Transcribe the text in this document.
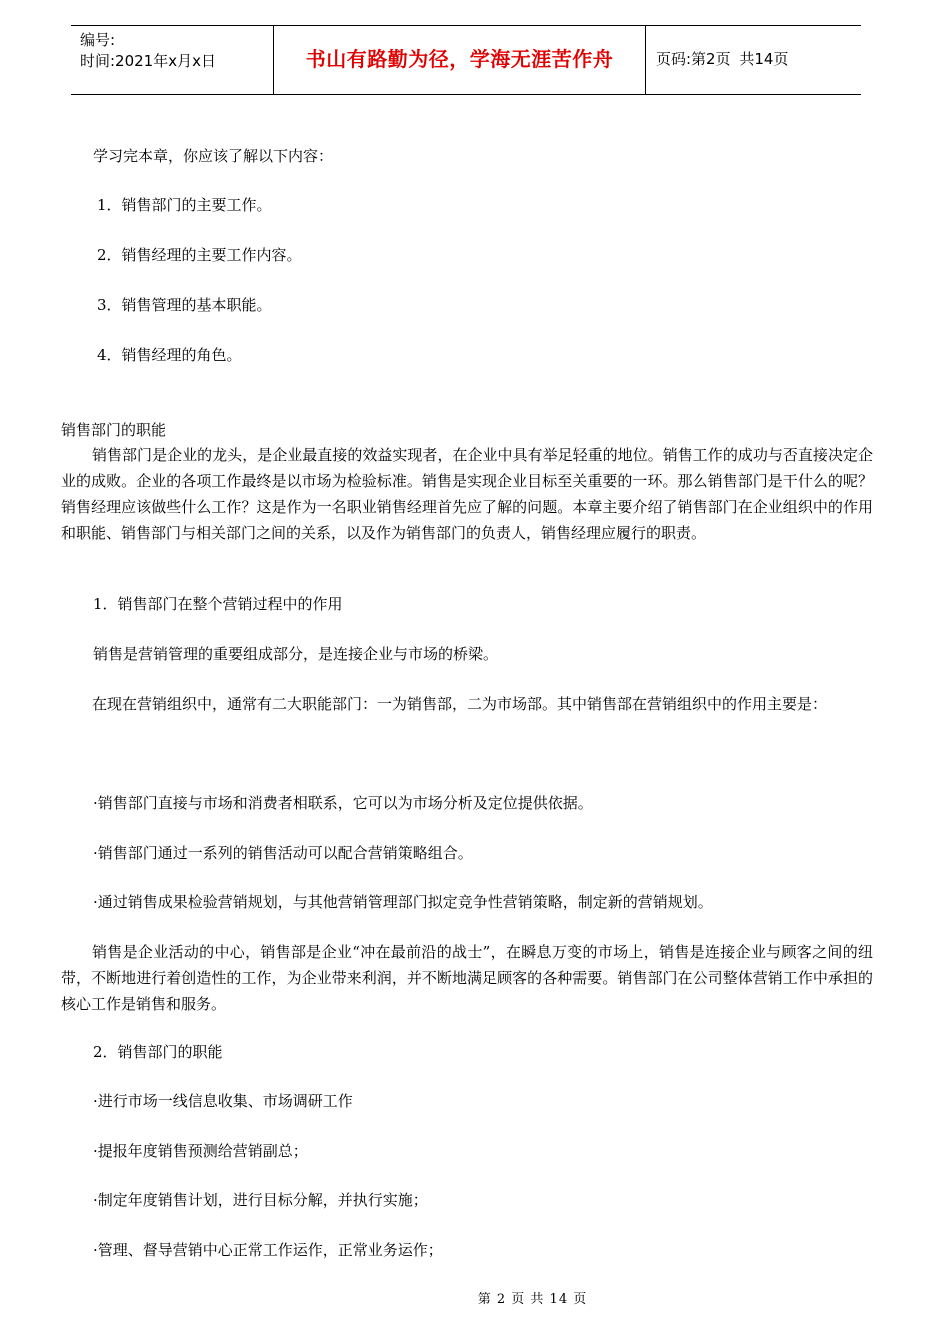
编号:
时间:2021年x月x日	书山有路勤为径，学海无涯苦作舟	页码:第2页 共14页
学习完本章，你应该了解以下内容：
1．销售部门的主要工作。
2．销售经理的主要工作内容。
3．销售管理的基本职能。
4．销售经理的角色。
销售部门的职能
销售部门是企业的龙头，是企业最直接的效益实现者，在企业中具有举足轻重的地位。销售工作的成功与否直接决定企业的成败。企业的各项工作最终是以市场为检验标准。销售是实现企业目标至关重要的一环。那么销售部门是干什么的呢？销售经理应该做些什么工作？这是作为一名职业销售经理首先应了解的问题。本章主要介绍了销售部门在企业组织中的作用和职能、销售部门与相关部门之间的关系，以及作为销售部门的负责人，销售经理应履行的职责。
1．销售部门在整个营销过程中的作用
销售是营销管理的重要组成部分，是连接企业与市场的桥梁。
在现在营销组织中，通常有二大职能部门：一为销售部，二为市场部。其中销售部在营销组织中的作用主要是：
·销售部门直接与市场和消费者相联系，它可以为市场分析及定位提供依据。
·销售部门通过一系列的销售活动可以配合营销策略组合。
·通过销售成果检验营销规划，与其他营销管理部门拟定竞争性营销策略，制定新的营销规划。
销售是企业活动的中心，销售部是企业“冲在最前沿的战士”，在瞬息万变的市场上，销售是连接企业与顾客之间的纽带，不断地进行着创造性的工作，为企业带来利润，并不断地满足顾客的各种需要。销售部门在公司整体营销工作中承担的核心工作是销售和服务。
2．销售部门的职能
·进行市场一线信息收集、市场调研工作
·提报年度销售预测给营销副总；
·制定年度销售计划，进行目标分解，并执行实施；
·管理、督导营销中心正常工作运作，正常业务运作；
第 2 页 共 14 页
